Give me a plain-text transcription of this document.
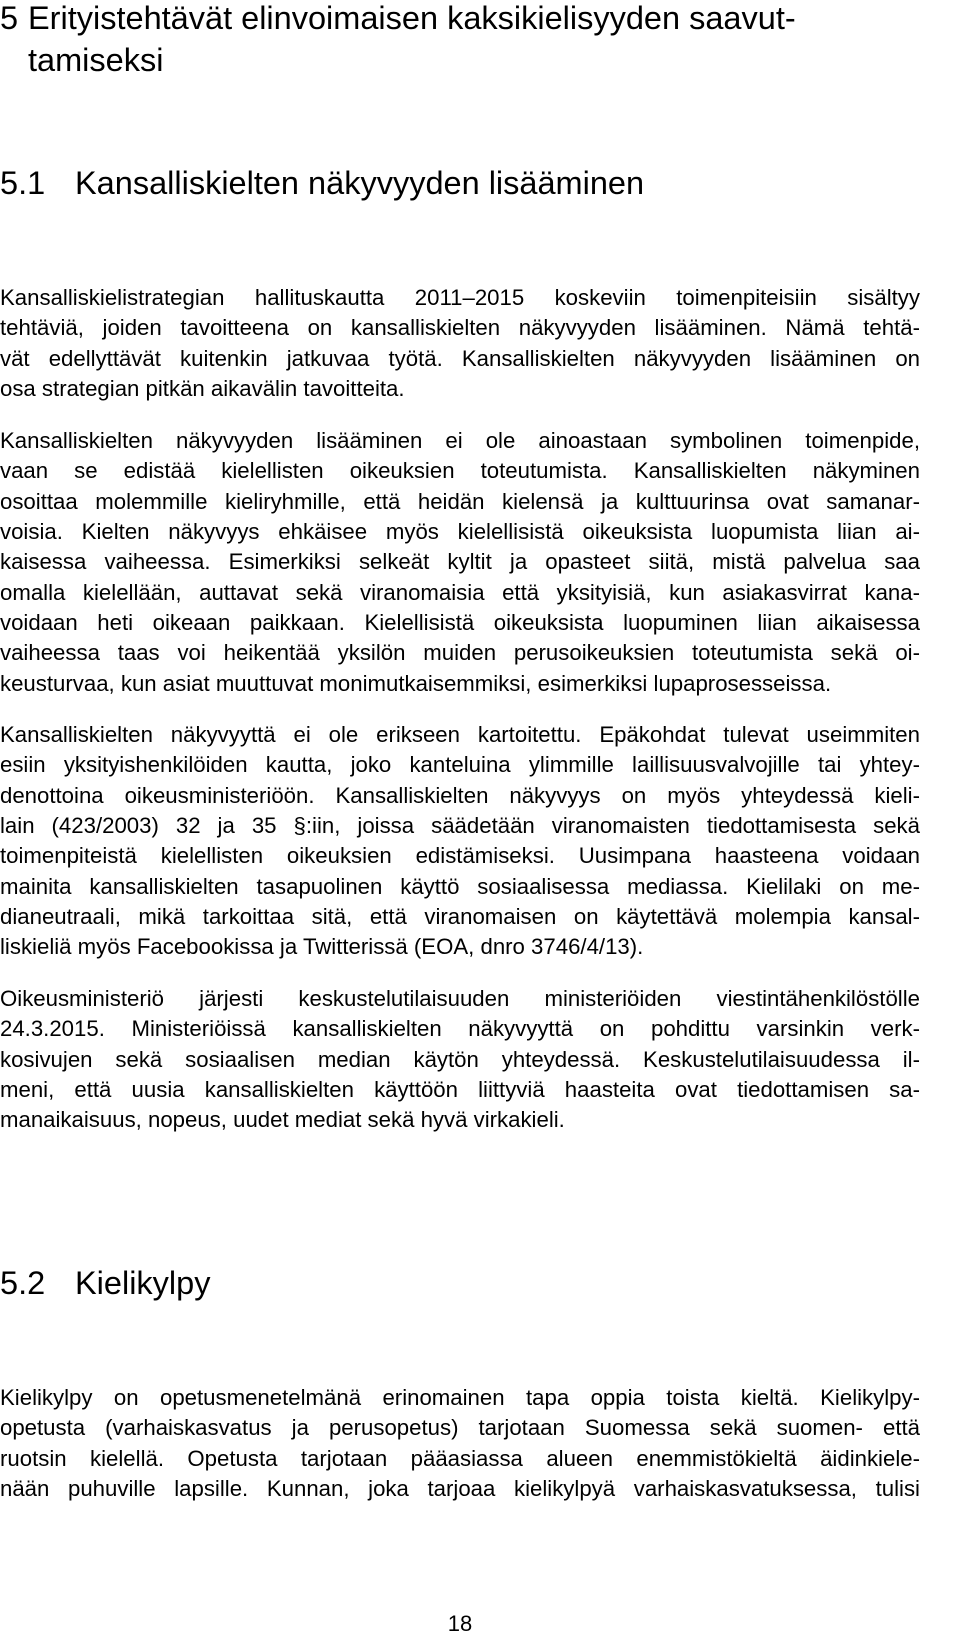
5 Erityistehtävät elinvoimaisen kaksikielisyyden saavut-
tamiseksi
5.1 Kansalliskielten näkyvyyden lisääminen
Kansalliskielistrategian hallituskautta 2011–2015 koskeviin toimenpiteisiin sisältyy
tehtäviä, joiden tavoitteena on kansalliskielten näkyvyyden lisääminen. Nämä tehtä-
vät edellyttävät kuitenkin jatkuvaa työtä. Kansalliskielten näkyvyyden lisääminen on
osa strategian pitkän aikavälin tavoitteita.
Kansalliskielten näkyvyyden lisääminen ei ole ainoastaan symbolinen toimenpide,
vaan se edistää kielellisten oikeuksien toteutumista. Kansalliskielten näkyminen
osoittaa molemmille kieliryhmille, että heidän kielensä ja kulttuurinsa ovat samanar-
voisia. Kielten näkyvyys ehkäisee myös kielellisistä oikeuksista luopumista liian ai-
kaisessa vaiheessa. Esimerkiksi selkeät kyltit ja opasteet siitä, mistä palvelua saa
omalla kielellään, auttavat sekä viranomaisia että yksityisiä, kun asiakasvirrat kana-
voidaan heti oikeaan paikkaan. Kielellisistä oikeuksista luopuminen liian aikaisessa
vaiheessa taas voi heikentää yksilön muiden perusoikeuksien toteutumista sekä oi-
keusturvaa, kun asiat muuttuvat monimutkaisemmiksi, esimerkiksi lupaprosesseissa.
Kansalliskielten näkyvyyttä ei ole erikseen kartoitettu. Epäkohdat tulevat useimmiten
esiin yksityishenkilöiden kautta, joko kanteluina ylimmille laillisuusvalvojille tai yhtey-
denottoina oikeusministeriöön. Kansalliskielten näkyvyys on myös yhteydessä kieli-
lain (423/2003) 32 ja 35 §:iin, joissa säädetään viranomaisten tiedottamisesta sekä
toimenpiteistä kielellisten oikeuksien edistämiseksi. Uusimpana haasteena voidaan
mainita kansalliskielten tasapuolinen käyttö sosiaalisessa mediassa. Kielilaki on me-
dianeutraali, mikä tarkoittaa sitä, että viranomaisen on käytettävä molempia kansal-
liskieliä myös Facebookissa ja Twitterissä (EOA, dnro 3746/4/13).
Oikeusministeriö järjesti keskustelutilaisuuden ministeriöiden viestintähenkilöstölle
24.3.2015. Ministeriöissä kansalliskielten näkyvyyttä on pohdittu varsinkin verk-
kosivujen sekä sosiaalisen median käytön yhteydessä. Keskustelutilaisuudessa il-
meni, että uusia kansalliskielten käyttöön liittyviä haasteita ovat tiedottamisen sa-
manaikaisuus, nopeus, uudet mediat sekä hyvä virkakieli.
5.2 Kielikylpy
Kielikylpy on opetusmenetelmänä erinomainen tapa oppia toista kieltä. Kielikylpy-
opetusta (varhaiskasvatus ja perusopetus) tarjotaan Suomessa sekä suomen- että
ruotsin kielellä. Opetusta tarjotaan pääasiassa alueen enemmistökieltä äidinkiele-
nään puhuville lapsille. Kunnan, joka tarjoaa kielikylpyä varhaiskasvatuksessa, tulisi
18
